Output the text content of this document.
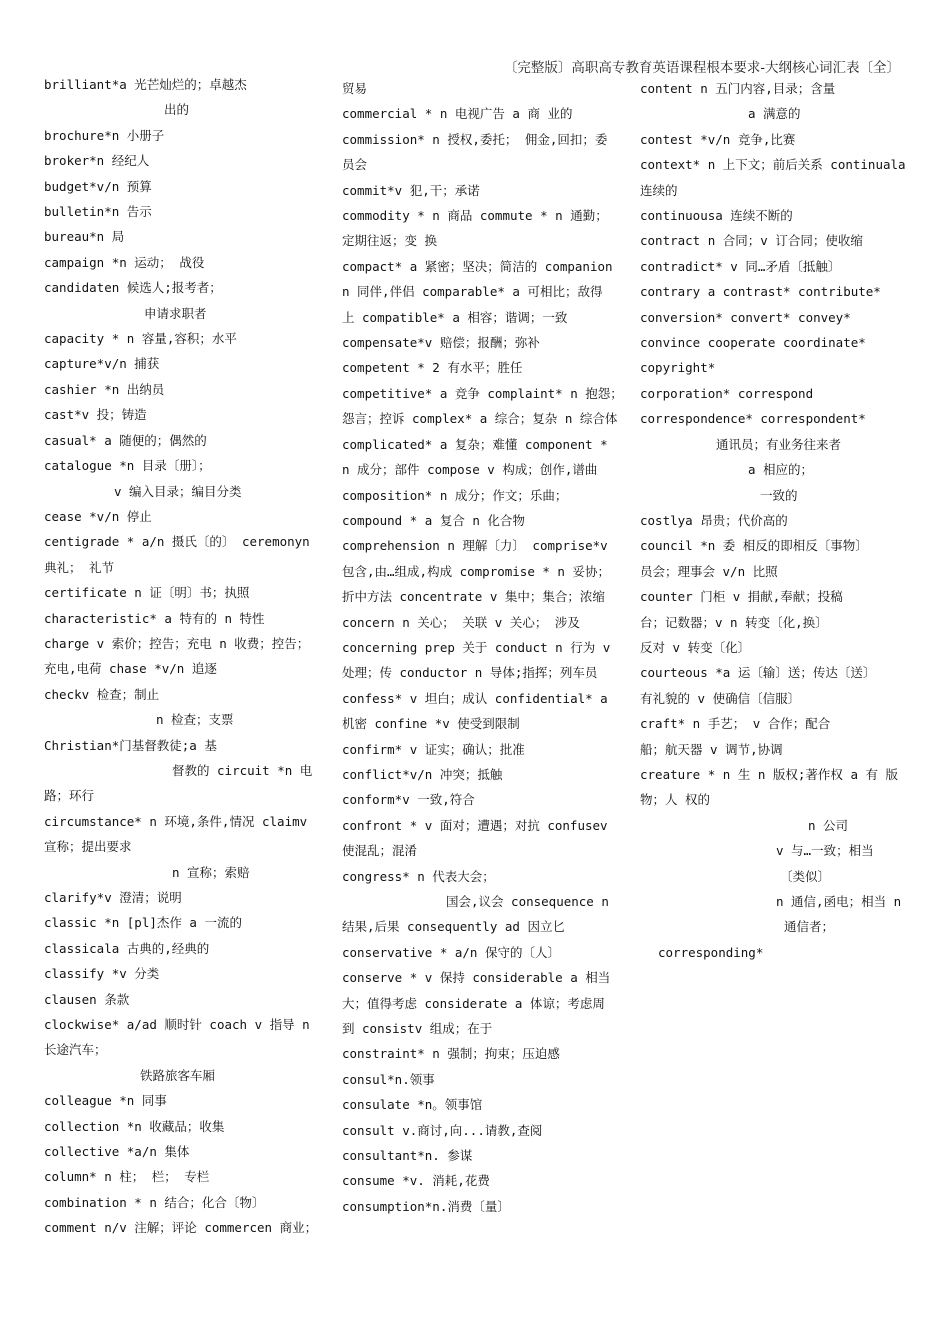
〔完整版〕高职高专教育英语课程根本要求-大纲核心词汇表〔全〕
brilliant*a 光芒灿烂的；卓越杰
出的
brochure*n 小册子
broker*n 经纪人
budget*v/n 预算
bulletin*n 告示
bureau*n 局
campaign *n 运动； 战役
candidaten 候选人;报考者；
申请求职者
capacity * n 容量,容积；水平
capture*v/n 捕获
cashier *n 出纳员
cast*v 投；铸造
casual* a 随便的；偶然的
catalogue *n 目录〔册〕；
v 编入目录；编目分类
cease *v/n 停止
centigrade * a/n 摄氏〔的〕 ceremonyn
典礼； 礼节
certificate n 证〔明〕书；执照
characteristic* a 特有的 n 特性
charge v 索价；控告；充电 n 收费；控告；
充电,电荷 chase *v/n 追逐
checkv 检查；制止
n 检查；支票
Christian*门基督教徒;a 基
督教的 circuit *n 电
路；环行
circumstance* n 环境,条件,情况 claimv
宣称；提出要求
n 宣称；索赔
clarify*v 澄清；说明
classic *n [pl]杰作 a 一流的
classicala 古典的,经典的
classify *v 分类
clausen 条款
clockwise* a/ad 顺时针 coach v 指导 n
长途汽车；
铁路旅客车厢
colleague *n 同事
collection *n 收藏品；收集
collective *a/n 集体
column* n 柱； 栏； 专栏
combination * n 结合；化合〔物〕
comment n/v 注解；评论 commercen 商业；
贸易
commercial * n 电视广告 a 商 业的
commission* n 授权,委托； 佣金,回扣；委
员会
commit*v 犯,干；承诺
commodity * n 商品 commute * n 通勤；
定期往返；变 换
compact* a 紧密；坚决；简洁的 companion
n 同伴,伴侣 comparable* a 可相比；敌得
上 compatible* a 相容；谐调；一致
compensate*v 赔偿；报酬；弥补
competent * 2 有水平；胜任
competitive* a 竞争 complaint* n 抱怨；
怨言；控诉 complex* a 综合；复杂 n 综合体
complicated* a 复杂；难懂 component *
n 成分；部件 compose v 构成；创作,谱曲
composition* n 成分；作文；乐曲；
compound * a 复合 n 化合物
comprehension n 理解〔力〕 comprise*v
包含,由…组成,构成 compromise * n 妥协；
折中方法 concentrate v 集中；集合；浓缩
concern n 关心； 关联 v 关心； 涉及
concerning prep 关于 conduct n 行为 v
处理；传 conductor n 导体;指挥；列车员
confess* v 坦白；成认 confidential* a
机密 confine *v 使受到限制
confirm* v 证实；确认；批准
conflict*v/n 冲突；抵触
conform*v 一致,符合
confront * v 面对；遭遇；对抗 confusev
使混乱；混淆
congress* n 代表大会；
国会,议会 consequence n
结果,后果 consequently ad 因立匕
conservative * a/n 保守的〔人〕
conserve * v 保持 considerable a 相当
大；值得考虑 considerate a 体谅；考虑周
到 consistv 组成；在于
constraint* n 强制；拘束；压迫感
consul*n.领事
consulate *n。领事馆
consult v.商讨,向...请教,查阅
consultant*n. 参谋
consume *v. 消耗,花费
consumption*n.消费〔量〕
content n 五门内容,目录；含量
a 满意的
contest *v/n 竞争,比赛
context* n 上下文；前后关系 continuala
连续的
continuousa 连续不断的
contract n 合同；v 订合同；使收缩
contradict* v 同…矛盾〔抵触〕
contrary a contrast* contribute*
conversion* convert* convey*
convince cooperate coordinate*
copyright*
corporation* correspond
correspondence* correspondent*
通讯员；有业务往来者
a 相应的；
一致的
costlya 昂贵；代价高的
council *n 委 相反的即相反〔事物〕
员会；理事会 v/n 比照
counter 门柜 v 捐献,奉献；投稿
台；记数器；v n 转变〔化,换〕
反对 v 转变〔化〕
courteous *a 运〔输〕送；传达〔送〕
有礼貌的 v 使确信〔信服〕
craft* n 手艺； v 合作；配合
船；航天器 v 调节,协调
creature * n 生 n 版权;著作权 a 有 版
物；人 权的
n 公司
v 与…一致；相当
〔类似〕
n 通信,函电；相当 n
通信者；
corresponding*
